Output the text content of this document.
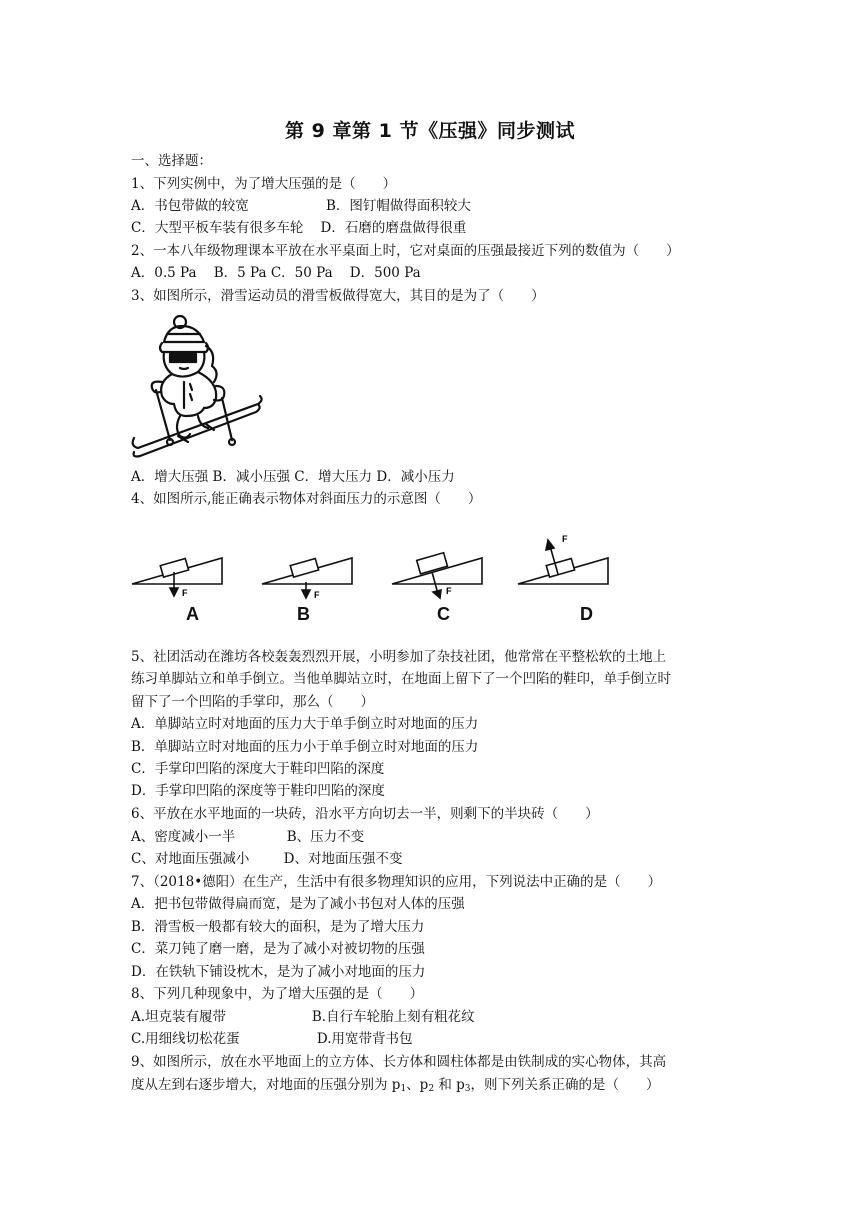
第 9 章第 1 节《压强》同步测试
一、选择题：
1、下列实例中，为了增大压强的是（　　）
A．书包带做的较宽                  B．图钉帽做得面积较大
C．大型平板车装有很多车轮    D．石磨的磨盘做得很重
2、一本八年级物理课本平放在水平桌面上时，它对桌面的压强最接近下列的数值为（　　）
A．0.5 Pa    B．5 Pa C．50 Pa    D．500 Pa
3、如图所示，滑雪运动员的滑雪板做得宽大，其目的是为了（　　）
A．增大压强 B．减小压强 C．增大压力 D．减小压力
4、如图所示,能正确表示物体对斜面压力的示意图（　　）
F	F	F
F
A	B	C	D
5、社团活动在潍坊各校轰轰烈烈开展，小明参加了杂技社团，他常常在平整松软的土地上
练习单脚站立和单手倒立。当他单脚站立时，在地面上留下了一个凹陷的鞋印，单手倒立时
留下了一个凹陷的手掌印，那么（　　）
A．单脚站立时对地面的压力大于单手倒立时对地面的压力
B．单脚站立时对地面的压力小于单手倒立时对地面的压力
C．手掌印凹陷的深度大于鞋印凹陷的深度
D．手掌印凹陷的深度等于鞋印凹陷的深度
6、平放在水平地面的一块砖，沿水平方向切去一半，则剩下的半块砖（　　）
A、密度减小一半            B、压力不变
C、对地面压强减小        D、对地面压强不变
7、（2018•德阳）在生产，生活中有很多物理知识的应用，下列说法中正确的是（　　）
A．把书包带做得扁而宽，是为了减小书包对人体的压强
B．滑雪板一般都有较大的面积，是为了增大压力
C．菜刀钝了磨一磨，是为了减小对被切物的压强
D．在铁轨下铺设枕木，是为了减小对地面的压力
8、下列几种现象中，为了增大压强的是（　　）
A.坦克装有履带                    B.自行车轮胎上刻有粗花纹
C.用细线切松花蛋                  D.用宽带背书包
9、如图所示，放在水平地面上的立方体、长方体和圆柱体都是由铁制成的实心物体，其高
度从左到右逐步增大，对地面的压强分别为 $p_1$、$p_2$ 和 $p_3$，则下列关系正确的是（　　）
